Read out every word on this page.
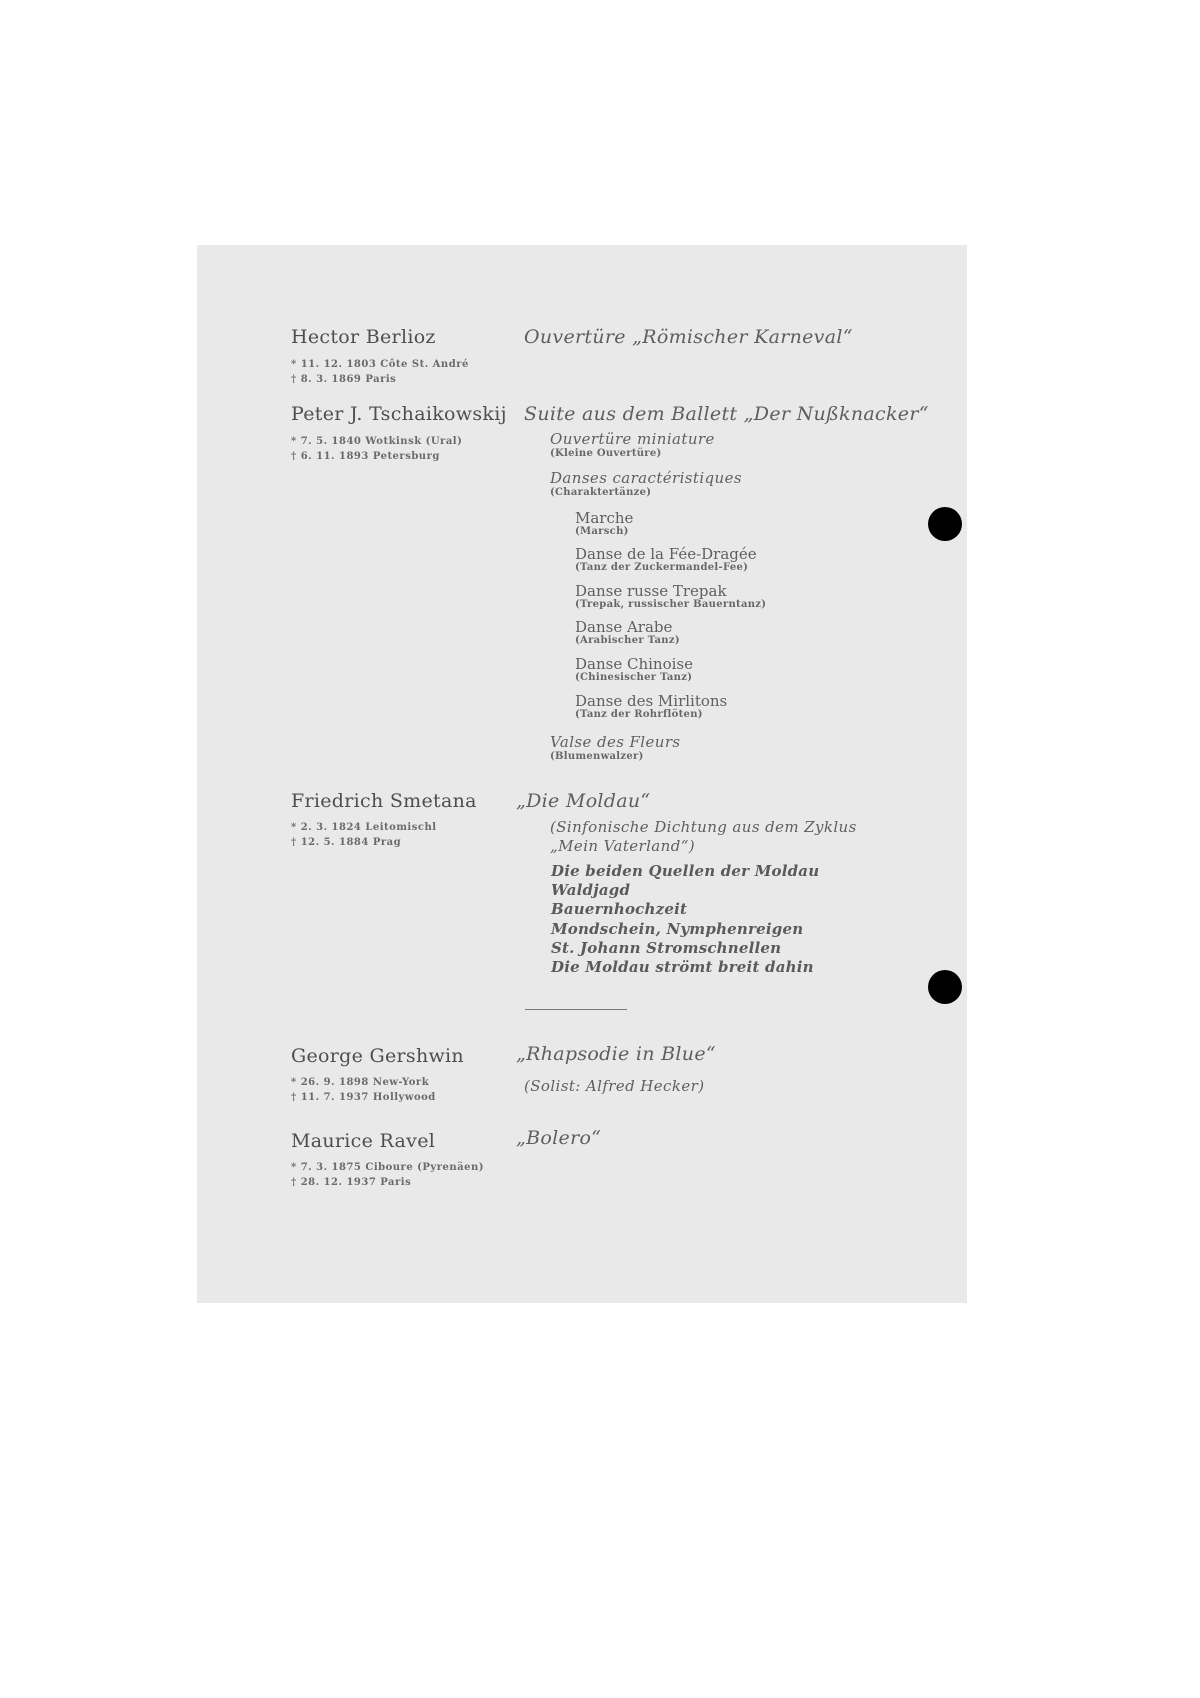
Hector Berlioz
* 11. 12. 1803 Côte St. André
† 8. 3. 1869 Paris
Ouvertüre „Römischer Karneval“
Peter J. Tschaikowskij
* 7. 5. 1840 Wotkinsk (Ural)
† 6. 11. 1893 Petersburg
Suite aus dem Ballett „Der Nußknacker“
Ouvertüre miniature
(Kleine Ouvertüre)
Danses caractéristiques
(Charaktertänze)
Marche
(Marsch)
Danse de la Fée-Dragée
(Tanz der Zuckermandel-Fee)
Danse russe Trepak
(Trepak, russischer Bauerntanz)
Danse Arabe
(Arabischer Tanz)
Danse Chinoise
(Chinesischer Tanz)
Danse des Mirlitons
(Tanz der Rohrflöten)
Valse des Fleurs
(Blumenwalzer)
Friedrich Smetana
* 2. 3. 1824 Leitomischl
† 12. 5. 1884 Prag
„Die Moldau“
(Sinfonische Dichtung aus dem Zyklus
„Mein Vaterland“)
Die beiden Quellen der Moldau
Waldjagd
Bauernhochzeit
Mondschein, Nymphenreigen
St. Johann Stromschnellen
Die Moldau strömt breit dahin
George Gershwin
* 26. 9. 1898 New-York
† 11. 7. 1937 Hollywood
„Rhapsodie in Blue“
(Solist: Alfred Hecker)
Maurice Ravel
* 7. 3. 1875 Ciboure (Pyrenäen)
† 28. 12. 1937 Paris
„Bolero“
